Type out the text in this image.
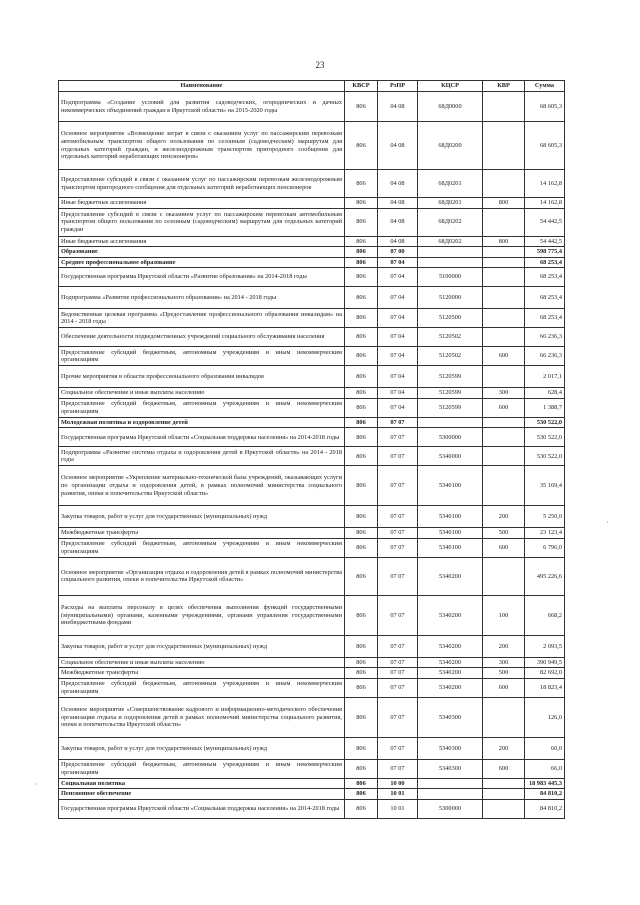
23
Наименование	КВСР	РзПР	КЦСР	КВР	Сумма
Подпрограмма «Создание условий для развития садоводческих, огороднических и дачных некоммерческих объединений граждан в Иркутской области» на 2015-2020 годы	806	04 08	68Д0000		68 605,3
Основное мероприятие «Возмещение затрат в связи с оказанием услуг по пассажирским перевозкам автомобильным транспортом общего пользования по сезонным (садоводческим) маршрутам для отдельных категорий граждан, и железнодорожным транспортом пригородного сообщения для отдельных категорий неработающих пенсионеров»	806	04 08	68Д0200		68 605,3
Предоставление субсидий в связи с оказанием услуг по пассажирским перевозкам железнодорожным транспортом пригородного сообщения для отдельных категорий неработающих пенсионеров	806	04 08	68Д0201		14 162,8
Иные бюджетные ассигнования	806	04 08	68Д0201	800	14 162,8
Предоставление субсидий в связи с оказанием услуг по пассажирским перевозкам автомобильным транспортом общего пользования по сезонным (садоводческим) маршрутам для отдельных категорий граждан	806	04 08	68Д0202		54 442,5
Иные бюджетные ассигнования	806	04 08	68Д0202	800	54 442,5
Образование	806	07 00			598 775,4
Среднее профессиональное образование	806	07 04			68 253,4
Государственная программа Иркутской области «Развитие образования» на 2014-2018 годы	806	07 04	5100000		68 253,4
Подпрограмма «Развитие профессионального образования» на 2014 - 2018 годы	806	07 04	5120000		68 253,4
Ведомственная целевая программа «Предоставление профессионального образования инвалидам» на 2014 - 2018 годы	806	07 04	5120500		68 253,4
Обеспечение деятельности подведомственных учреждений социального обслуживания населения	806	07 04	5120502		66 236,3
Предоставление субсидий бюджетным, автономным учреждениям и иным некоммерческим организациям	806	07 04	5120502	600	66 236,3
Прочие мероприятия в области профессионального образования инвалидов	806	07 04	5120599		2 017,1
Социальное обеспечение и иные выплаты населению	806	07 04	5120599	300	628,4
Предоставление субсидий бюджетным, автономным учреждениям и иным некоммерческим организациям	806	07 04	5120599	600	1 388,7
Молодежная политика и оздоровление детей	806	07 07			530 522,0
Государственная программа Иркутской области «Социальная поддержка населения» на 2014-2018 годы	806	07 07	5300000		530 522,0
Подпрограмма «Развитие системы отдыха и оздоровления детей в Иркутской области» на 2014 - 2018 годы	806	07 07	5340000		530 522,0
Основное мероприятие «Укрепление материально-технической базы учреждений, оказывающих услуги по организации отдыха и оздоровления детей, в рамках полномочий министерства социального развития, опеки и попечительства Иркутской области»	806	07 07	5340100		35 169,4
Закупка товаров, работ и услуг для государственных (муниципальных) нужд	806	07 07	5340100	200	5 250,0
Межбюджетные трансферты	806	07 07	5340100	500	23 123,4
Предоставление субсидий бюджетным, автономным учреждениям и иным некоммерческим организациям	806	07 07	5340100	600	6 796,0
Основное мероприятие «Организация отдыха и оздоровления детей в рамках полномочий министерства социального развития, опеки и попечительства Иркутской области»	806	07 07	5340200		495 226,6
Расходы на выплаты персоналу в целях обеспечения выполнения функций государственными (муниципальными) органами, казенными учреждениями, органами управления государственными внебюджетными фондами	806	07 07	5340200	100	668,2
Закупка товаров, работ и услуг для государственных (муниципальных) нужд	806	07 07	5340200	200	2 093,5
Социальное обеспечение и иные выплаты населению	806	07 07	5340200	300	390 949,5
Межбюджетные трансферты	806	07 07	5340200	500	82 692,0
Предоставление субсидий бюджетным, автономным учреждениям и иным некоммерческим организациям	806	07 07	5340200	600	18 823,4
Основное мероприятие «Совершенствование кадрового и информационно-методического обеспечения организации отдыха и оздоровления детей в рамках полномочий министерства социального развития, опеки и попечительства Иркутской области»	806	07 07	5340300		126,0
Закупка товаров, работ и услуг для государственных (муниципальных) нужд	806	07 07	5340300	200	60,0
Предоставление субсидий бюджетным, автономным учреждениям и иным некоммерческим организациям	806	07 07	5340300	600	66,0
Социальная политика	806	10 00			18 983 445,3
Пенсионное обеспечение	806	10 01			84 810,2
Государственная программа Иркутской области «Социальная поддержка населения» на 2014-2018 годы	806	10 01	5300000		84 810,2
·
·
